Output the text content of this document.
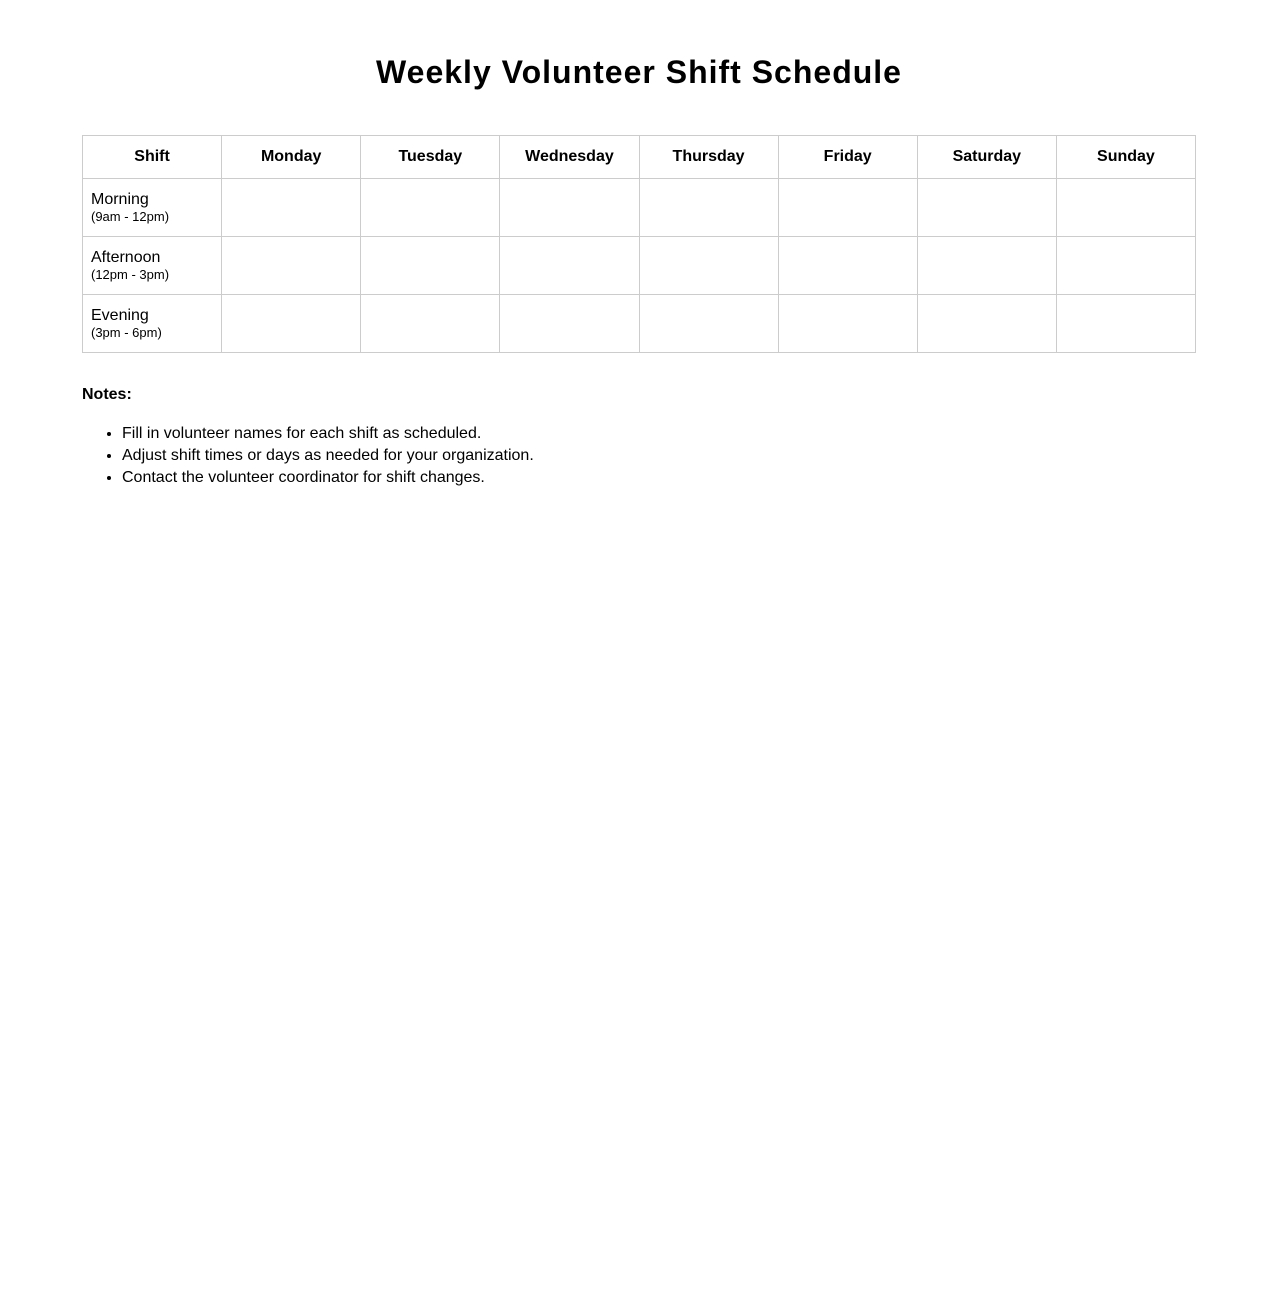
Weekly Volunteer Shift Schedule
Shift	Monday	Tuesday	Wednesday	Thursday	Friday	Saturday	Sunday

Morning
(9am - 12pm)							

Afternoon
(12pm - 3pm)							

Evening
(3pm - 6pm)							

Notes:

• Fill in volunteer names for each shift as scheduled.
• Adjust shift times or days as needed for your organization.
• Contact the volunteer coordinator for shift changes.
